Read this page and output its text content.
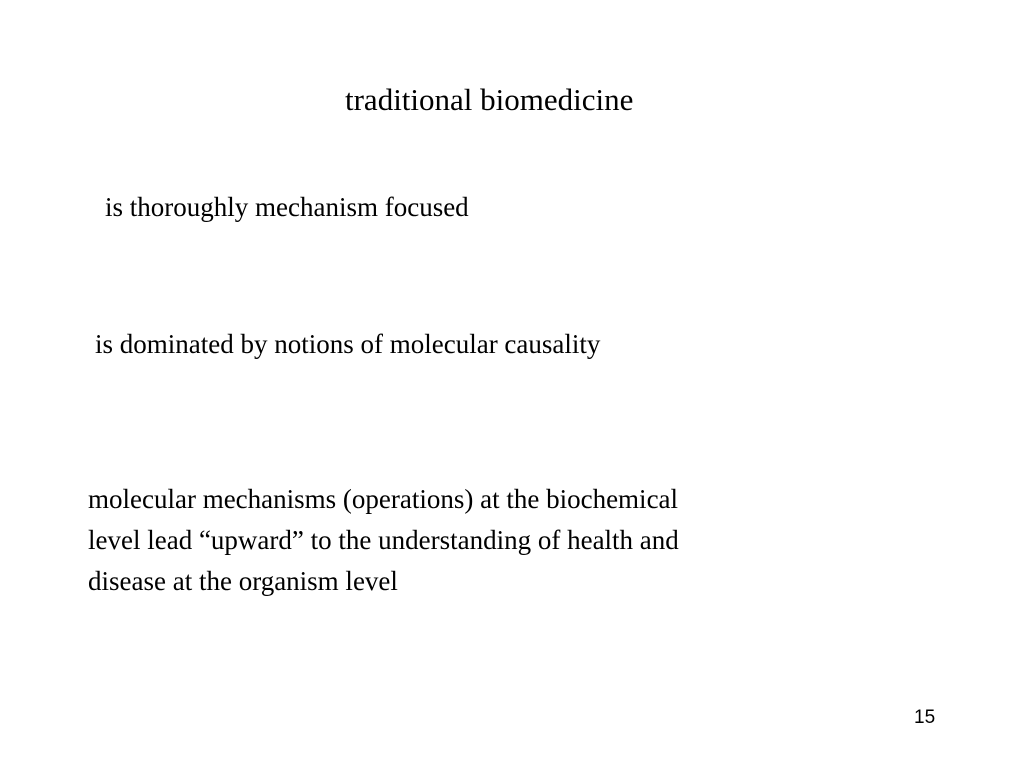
traditional biomedicine
is thoroughly mechanism focused
is dominated by notions of molecular causality
molecular mechanisms (operations) at the biochemical
level lead “upward” to the understanding of health and
disease at the organism level
15
